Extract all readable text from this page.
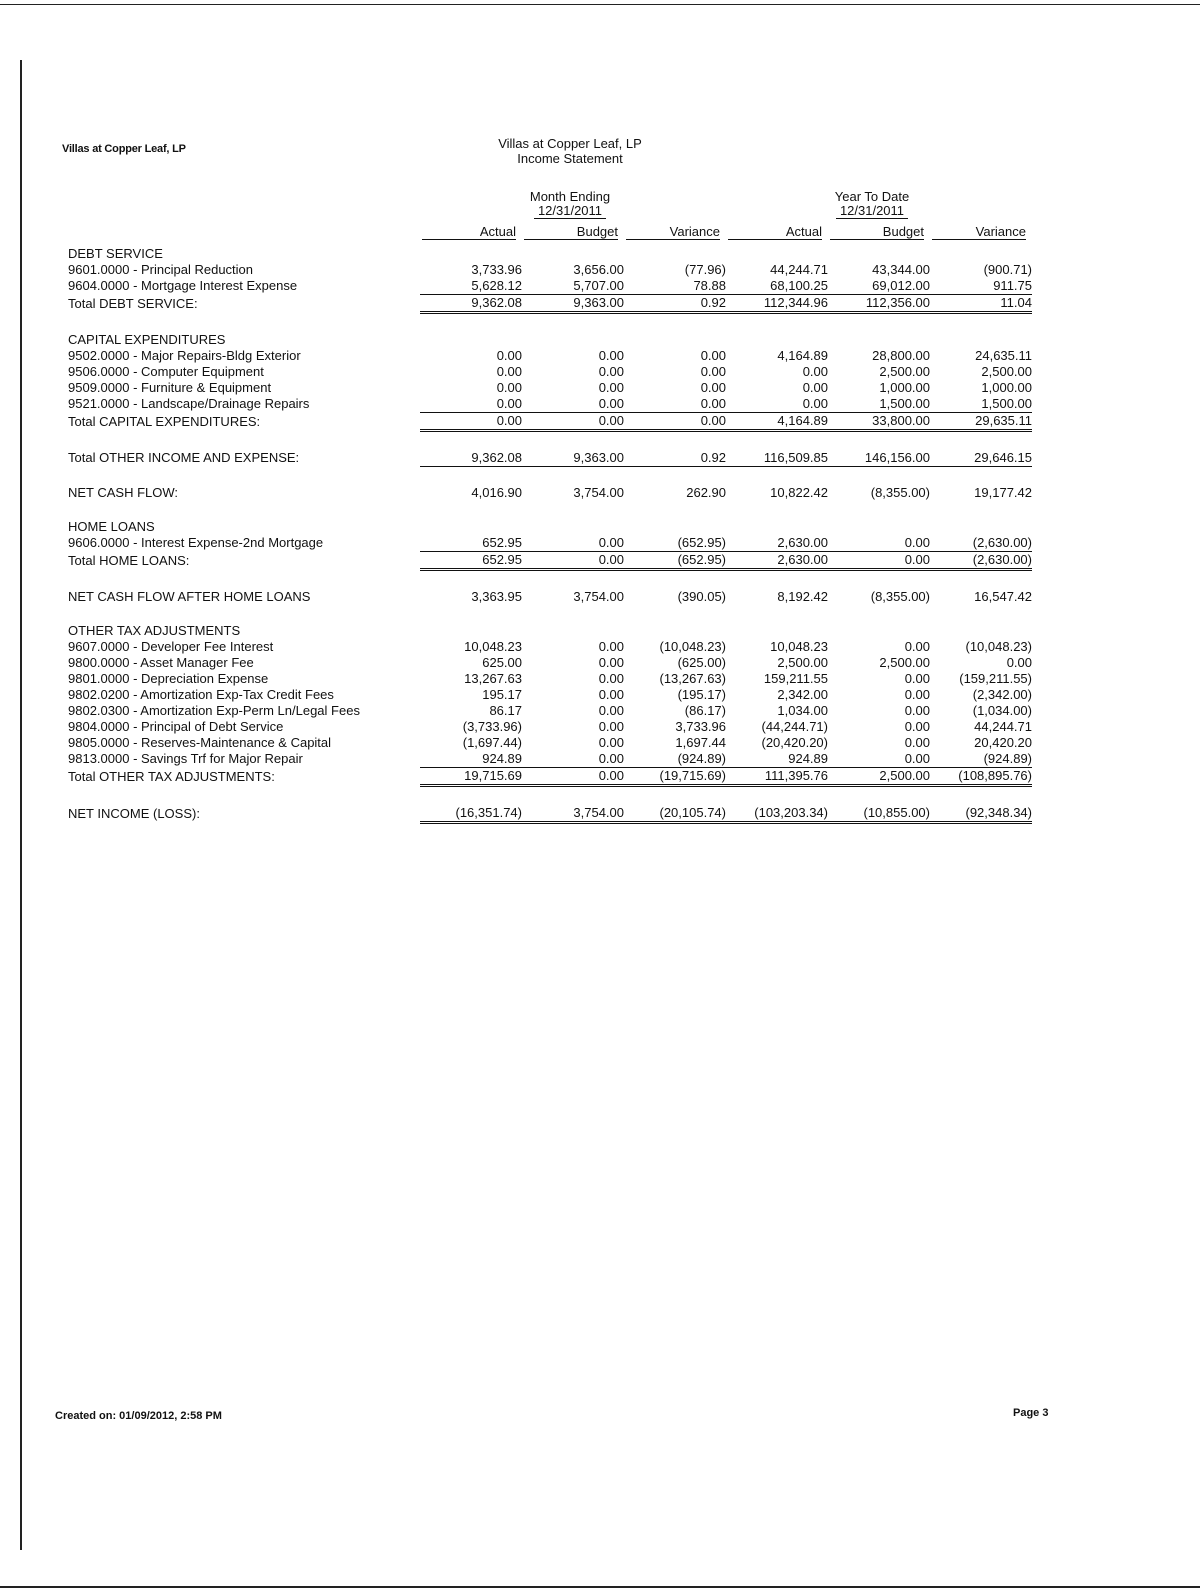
Villas at Copper Leaf, LP	Villas at Copper Leaf, LP
Income Statement
Month Ending
12/31/2011
Year To Date
12/31/2011
Actual	Budget	Variance	Actual	Budget	Variance
DEBT SERVICE						
9601.0000 - Principal Reduction	3,733.96	3,656.00	(77.96)	44,244.71	43,344.00	(900.71)
9604.0000 - Mortgage Interest Expense	5,628.12	5,707.00	78.88	68,100.25	69,012.00	911.75
Total DEBT SERVICE:	9,362.08	9,363.00	0.92	112,344.96	112,356.00	11.04

CAPITAL EXPENDITURES						
9502.0000 - Major Repairs-Bldg Exterior	0.00	0.00	0.00	4,164.89	28,800.00	24,635.11
9506.0000 - Computer Equipment	0.00	0.00	0.00	0.00	2,500.00	2,500.00
9509.0000 - Furniture & Equipment	0.00	0.00	0.00	0.00	1,000.00	1,000.00
9521.0000 - Landscape/Drainage Repairs	0.00	0.00	0.00	0.00	1,500.00	1,500.00
Total CAPITAL EXPENDITURES:	0.00	0.00	0.00	4,164.89	33,800.00	29,635.11

Total OTHER INCOME AND EXPENSE:	9,362.08	9,363.00	0.92	116,509.85	146,156.00	29,646.15

NET CASH FLOW:	4,016.90	3,754.00	262.90	10,822.42	(8,355.00)	19,177.42

HOME LOANS						
9606.0000 - Interest Expense-2nd Mortgage	652.95	0.00	(652.95)	2,630.00	0.00	(2,630.00)
Total HOME LOANS:	652.95	0.00	(652.95)	2,630.00	0.00	(2,630.00)

NET CASH FLOW AFTER HOME LOANS	3,363.95	3,754.00	(390.05)	8,192.42	(8,355.00)	16,547.42

OTHER TAX ADJUSTMENTS						
9607.0000 - Developer Fee Interest	10,048.23	0.00	(10,048.23)	10,048.23	0.00	(10,048.23)
9800.0000 - Asset Manager Fee	625.00	0.00	(625.00)	2,500.00	2,500.00	0.00
9801.0000 - Depreciation Expense	13,267.63	0.00	(13,267.63)	159,211.55	0.00	(159,211.55)
9802.0200 - Amortization Exp-Tax Credit Fees	195.17	0.00	(195.17)	2,342.00	0.00	(2,342.00)
9802.0300 - Amortization Exp-Perm Ln/Legal Fees	86.17	0.00	(86.17)	1,034.00	0.00	(1,034.00)
9804.0000 - Principal of Debt Service	(3,733.96)	0.00	3,733.96	(44,244.71)	0.00	44,244.71
9805.0000 - Reserves-Maintenance & Capital	(1,697.44)	0.00	1,697.44	(20,420.20)	0.00	20,420.20
9813.0000 - Savings Trf for Major Repair	924.89	0.00	(924.89)	924.89	0.00	(924.89)
Total OTHER TAX ADJUSTMENTS:	19,715.69	0.00	(19,715.69)	111,395.76	2,500.00	(108,895.76)

NET INCOME (LOSS):	(16,351.74)	3,754.00	(20,105.74)	(103,203.34)	(10,855.00)	(92,348.34)
Created on: 01/09/2012, 2:58 PM	Page 3
